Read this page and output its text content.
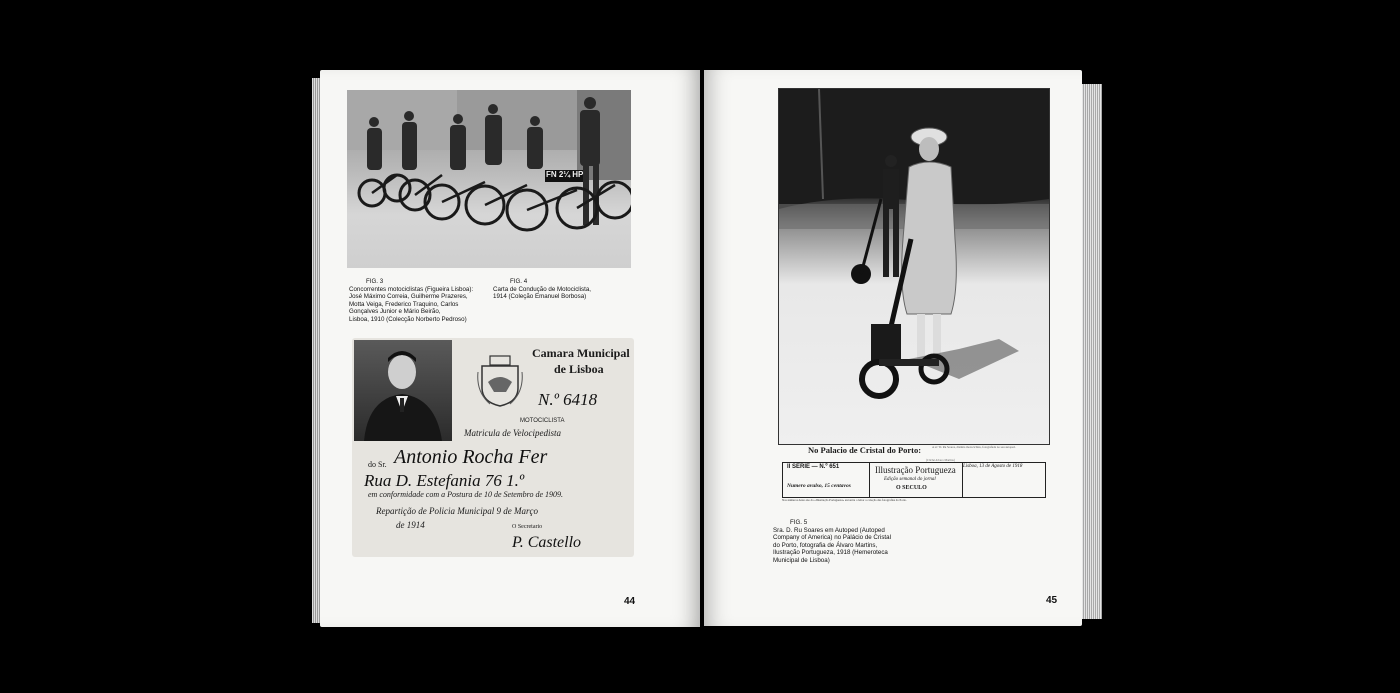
FN 2¼ HP
FIG. 3
Concorrentes motociclistas (Figueira Lisboa):
José Máximo Correia, Guilherme Prazeres,
Motta Veiga, Frederico Traquino, Carlos
Gonçalves Junior e Mário Beirão,
Lisboa, 1910 (Colecção Norberto Pedroso)
FIG. 4
Carta de Condução de Motociclista,
1914 (Coleção Emanuel Borbosa)
Camara Municipal
de Lisboa
N.º 6418
MOTOCICLISTA
Matricula de Velocipedista
do Sr. Antonio Rocha Fer
Rua D. Estefania 76 1.º
em conformidade com a Postura de 10 de Setembro de 1909.
Repartição de Policia Municipal 9 de Março
de 1914	O Secretario
P. Castello
44
No Palacio de Cristal do Porto:	A sr.ª D. Ru Soares, distinta motociclista, fotografada no seu autoped.
(Cliché Alvaro Martins)
II SERIE — N.º 651
Numero avulso, 15 centavos
Illustração Portugueza
Edição semanal do jornal
O SECULO
Lisboa, 13 de Agosto de 1918
Nos números deste ano da «Illustração Portugueza» encontra o leitor a coleção das fotografias do Porto.
FIG. 5
Sra. D. Ru Soares em Autoped (Autoped
Company of America) no Palácio de Cristal
do Porto, fotografia de Álvaro Martins,
Ilustração Portugueza, 1918 (Hemeroteca
Municipal de Lisboa)
45
